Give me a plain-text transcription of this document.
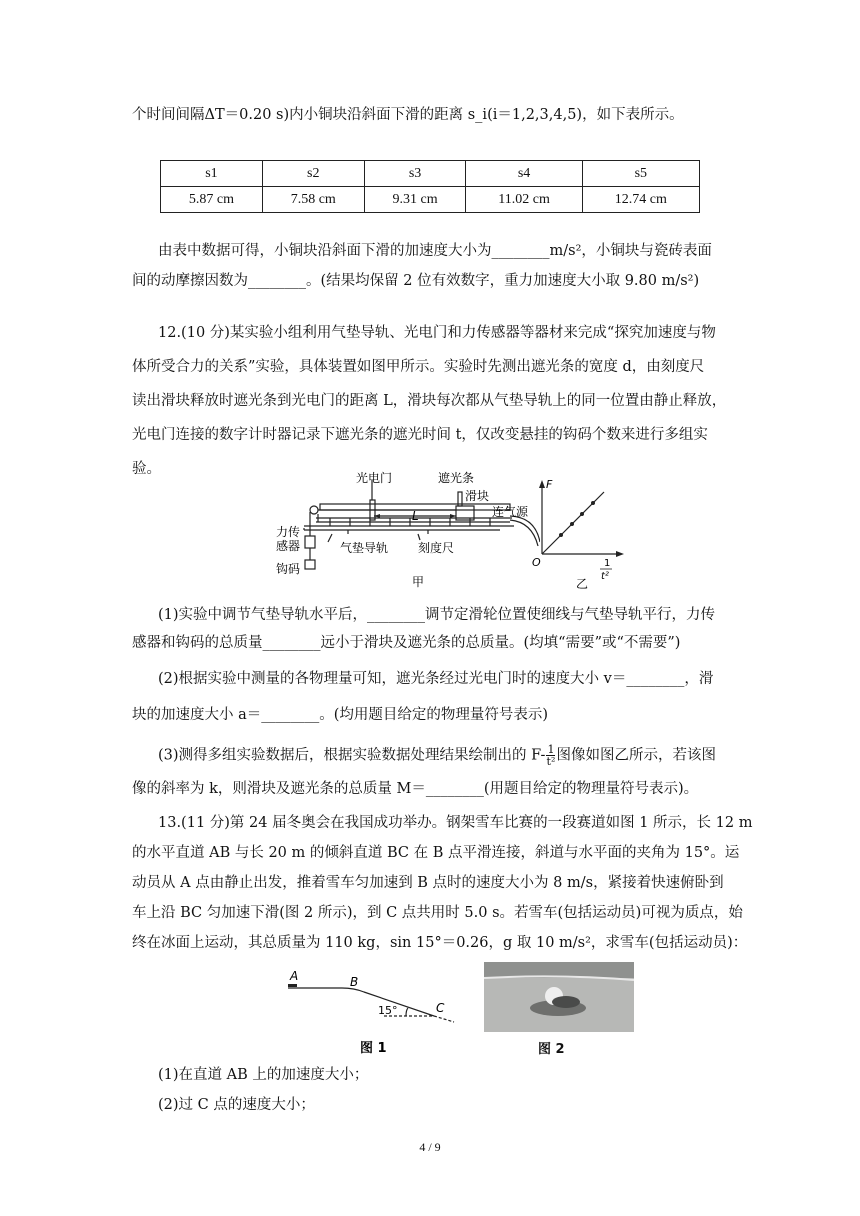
个时间间隔ΔT＝0.20 s)内小铜块沿斜面下滑的距离 s_i(i＝1,2,3,4,5)，如下表所示。
s1	s2	s3	s4	s5
5.87 cm	7.58 cm	9.31 cm	11.02 cm	12.74 cm
由表中数据可得，小铜块沿斜面下滑的加速度大小为________m/s²，小铜块与瓷砖表面
间的动摩擦因数为________。(结果均保留 2 位有效数字，重力加速度大小取 9.80 m/s²)
12.(10 分)某实验小组利用气垫导轨、光电门和力传感器等器材来完成“探究加速度与物
体所受合力的关系”实验，具体装置如图甲所示。实验时先测出遮光条的宽度 d，由刻度尺
读出滑块释放时遮光条到光电门的距离 L，滑块每次都从气垫导轨上的同一位置由静止释放，
光电门连接的数字计时器记录下遮光条的遮光时间 t，仅改变悬挂的钩码个数来进行多组实
验。
光电门	遮光条
滑块
连气源
L
力传
感器	气垫导轨 刻度尺
钩码
甲
F
O	1
t²
乙
(1)实验中调节气垫导轨水平后，________调节定滑轮位置使细线与气垫导轨平行，力传
感器和钩码的总质量________远小于滑块及遮光条的总质量。(均填“需要”或“不需要”)
(2)根据实验中测量的各物理量可知，遮光条经过光电门时的速度大小 v＝________，滑
块的加速度大小 a＝________。(均用题目给定的物理量符号表示)
(3)测得多组实验数据后，根据实验数据处理结果绘制出的 $F- \frac{1}{\text{t²}}$ 图像如图乙所示，若该图
像的斜率为 k，则滑块及遮光条的总质量 M＝________(用题目给定的物理量符号表示)。
13.(11 分)第 24 届冬奥会在我国成功举办。钢架雪车比赛的一段赛道如图 1 所示，长 12 m
的水平直道 AB 与长 20 m 的倾斜直道 BC 在 B 点平滑连接，斜道与水平面的夹角为 15°。运
动员从 A 点由静止出发，推着雪车匀加速到 B 点时的速度大小为 8 m/s，紧接着快速俯卧到
车上沿 BC 匀加速下滑(图 2 所示)，到 C 点共用时 5.0 s。若雪车(包括运动员)可视为质点，始
终在冰面上运动，其总质量为 110 kg，sin 15°＝0.26，g 取 10 m/s²，求雪车(包括运动员)：
A	B
C
15°
图 1	图 2
(1)在直道 AB 上的加速度大小；
(2)过 C 点的速度大小；
4 / 9
